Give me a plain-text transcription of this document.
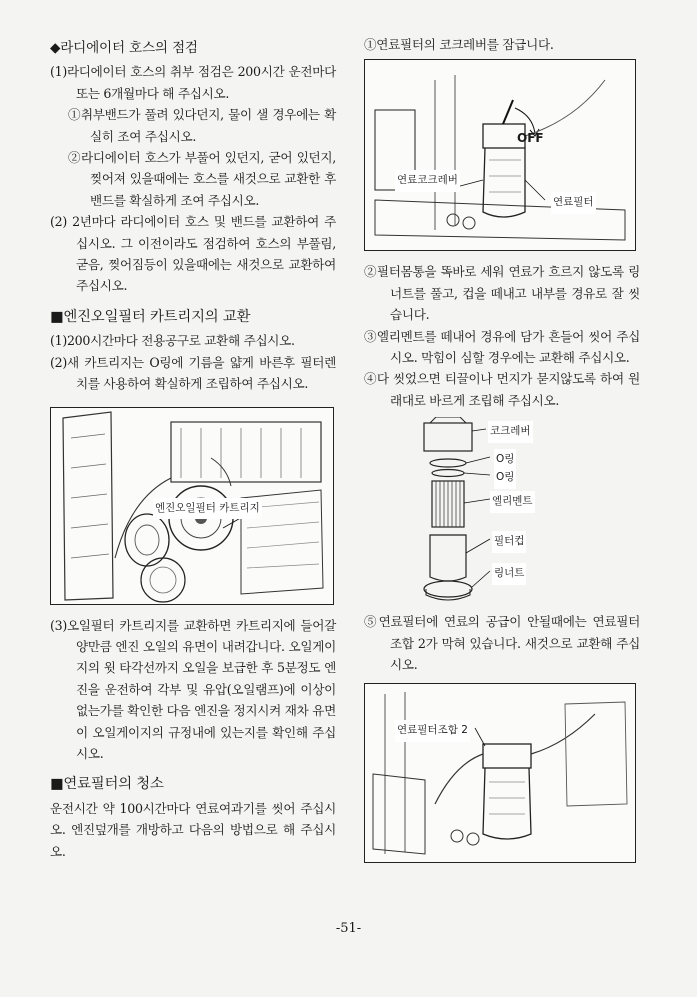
◆라디에이터 호스의 점검

(1)라디에이터 호스의 취부 점검은 200시간 운전마다 또는 6개월마다 해 주십시오.

①취부밴드가 풀려 있다던지, 물이 샐 경우에는 확실히 조여 주십시오.

②라디에이터 호스가 부풀어 있던지, 굳어 있던지, 찢어져 있을때에는 호스를 새것으로 교환한 후 밴드를 확실하게 조여 주십시오.

(2) 2년마다 라디에이터 호스 및 밴드를 교환하여 주십시오. 그 이전이라도 점검하여 호스의 부풀림, 굳음, 찢어짐등이 있을때에는 새것으로 교환하여 주십시오.

■엔진오일필터 카트리지의 교환

(1)200시간마다 전용공구로 교환해 주십시오.

(2)새 카트리지는 O링에 기름을 얇게 바른후 필터렌치를 사용하여 확실하게 조립하여 주십시오.

엔진오일필터 카트리지

(3)오일필터 카트리지를 교환하면 카트리지에 들어갈 양만큼 엔진 오일의 유면이 내려갑니다. 오일게이지의 윗 타각선까지 오일을 보급한 후 5분정도 엔진을 운전하여 각부 및 유압(오일램프)에 이상이 없는가를 확인한 다음 엔진을 정지시켜 재차 유면이 오일게이지의 규정내에 있는지를 확인해 주십시오.

■연료필터의 청소

운전시간 약 100시간마다 연료여과기를 씻어 주십시오. 엔진덮개를 개방하고 다음의 방법으로 해 주십시오.

①연료필터의 코크레버를 잠급니다.

OFF
연료코크레버
연료필터

②필터몸통을 똑바로 세워 연료가 흐르지 않도록 링너트를 풀고, 컵을 떼내고 내부를 경유로 잘 씻습니다.

③엘리멘트를 떼내어 경유에 담가 흔들어 씻어 주십시오. 막힘이 심할 경우에는 교환해 주십시오.

④다 씻었으면 티끌이나 먼지가 묻지않도록 하여 원래대로 바르게 조립해 주십시오.

코크레버
O링
O링
엘리멘트
필터컵
링너트

⑤연료필터에 연료의 공급이 안될때에는 연료필터조합 2가 막혀 있습니다. 새것으로 교환해 주십시오.

연료필터조합 2
-51-
